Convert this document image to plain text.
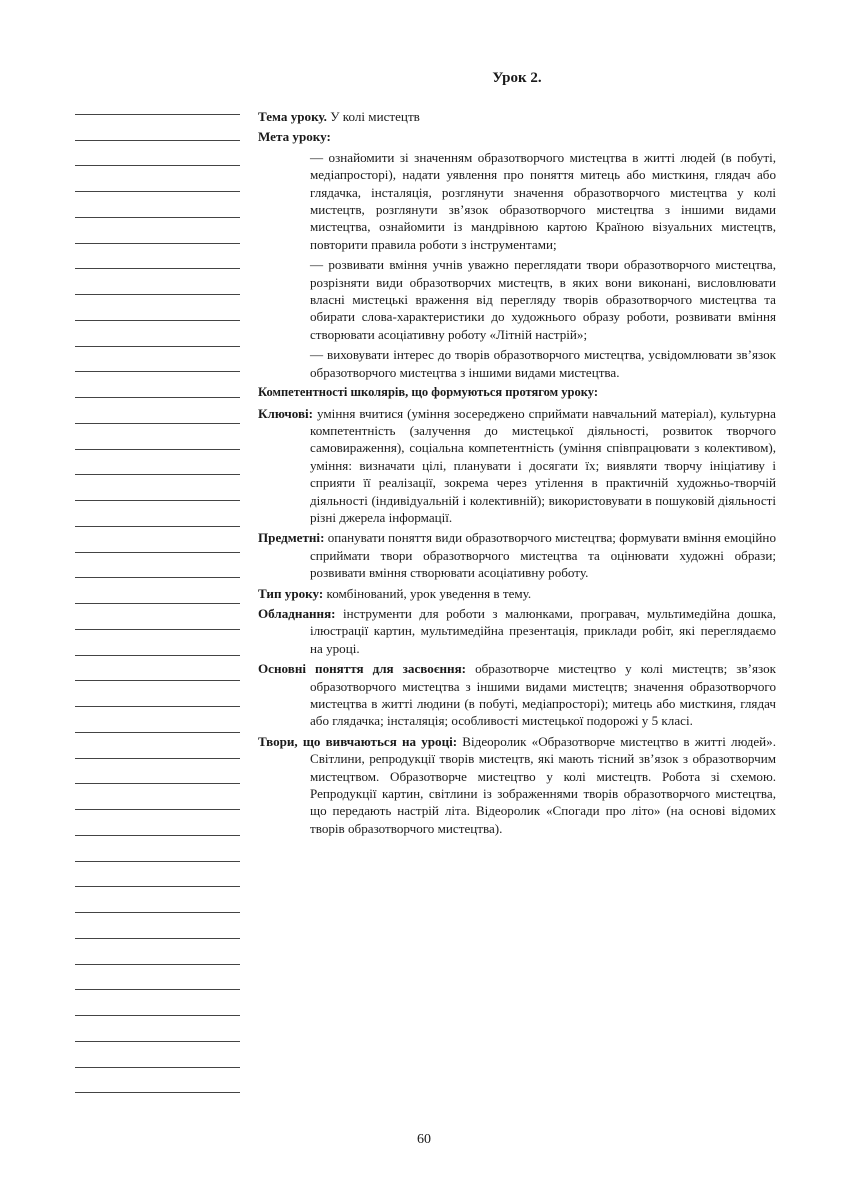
Урок 2.
Тема уроку. У колі мистецтв
Мета уроку:
— ознайомити зі значенням образотворчого мистецтва в житті людей (в побуті, медіапросторі), надати уявлення про поняття митець або мисткиня, глядач або глядачка, інсталяція, розглянути значення образотворчого мистецтва у колі мистецтв, розглянути зв’язок образотворчого мистецтва з іншими видами мистецтва, ознайомити із мандрівною картою Країною візуальних мистецтв, повторити правила роботи з інструментами;
— розвивати вміння учнів уважно переглядати твори образотворчого мистецтва, розрізняти види образотворчих мистецтв, в яких вони виконані, висловлювати власні мистецькі враження від перегляду творів образотворчого мистецтва та обирати слова-характеристики до художнього образу роботи, розвивати вміння створювати асоціативну роботу «Літній настрій»;
— виховувати інтерес до творів образотворчого мистецтва, усвідомлювати зв’язок образотворчого мистецтва з іншими видами мистецтва.
Компетентності школярів, що формуються протягом уроку:
Ключові: уміння вчитися (уміння зосереджено сприймати навчальний матеріал), культурна компетентність (залучення до мистецької діяльності, розвиток творчого самовираження), соціальна компетентність (уміння співпрацювати з колективом), уміння: визначати цілі, планувати і досягати їх; виявляти творчу ініціативу і сприяти її реалізації, зокрема через утілення в практичній художньо-творчій діяльності (індивідуальній і колективній); використовувати в пошуковій діяльності різні джерела інформації.
Предметні: опанувати поняття види образотворчого мистецтва; формувати вміння емоційно сприймати твори образотворчого мистецтва та оцінювати художні образи; розвивати вміння створювати асоціативну роботу.
Тип уроку: комбінований, урок уведення в тему.
Обладнання: інструменти для роботи з малюнками, програвач, мультимедійна дошка, ілюстрації картин, мультимедійна презентація, приклади робіт, які переглядаємо на уроці.
Основні поняття для засвоєння: образотворче мистецтво у колі мистецтв; зв’язок образотворчого мистецтва з іншими видами мистецтв; значення образотворчого мистецтва в житті людини (в побуті, медіапросторі); митець або мисткиня, глядач або глядачка; інсталяція; особливості мистецької подорожі у 5 класі.
Твори, що вивчаються на уроці: Відеоролик «Образотворче мистецтво в житті людей». Світлини, репродукції творів мистецтв, які мають тісний зв’язок з образотворчим мистецтвом. Образотворче мистецтво у колі мистецтв. Робота зі схемою. Репродукції картин, світлини із зображеннями творів образотворчого мистецтва, що передають настрій літа. Відеоролик «Спогади про літо» (на основі відомих творів образотворчого мистецтва).
60
